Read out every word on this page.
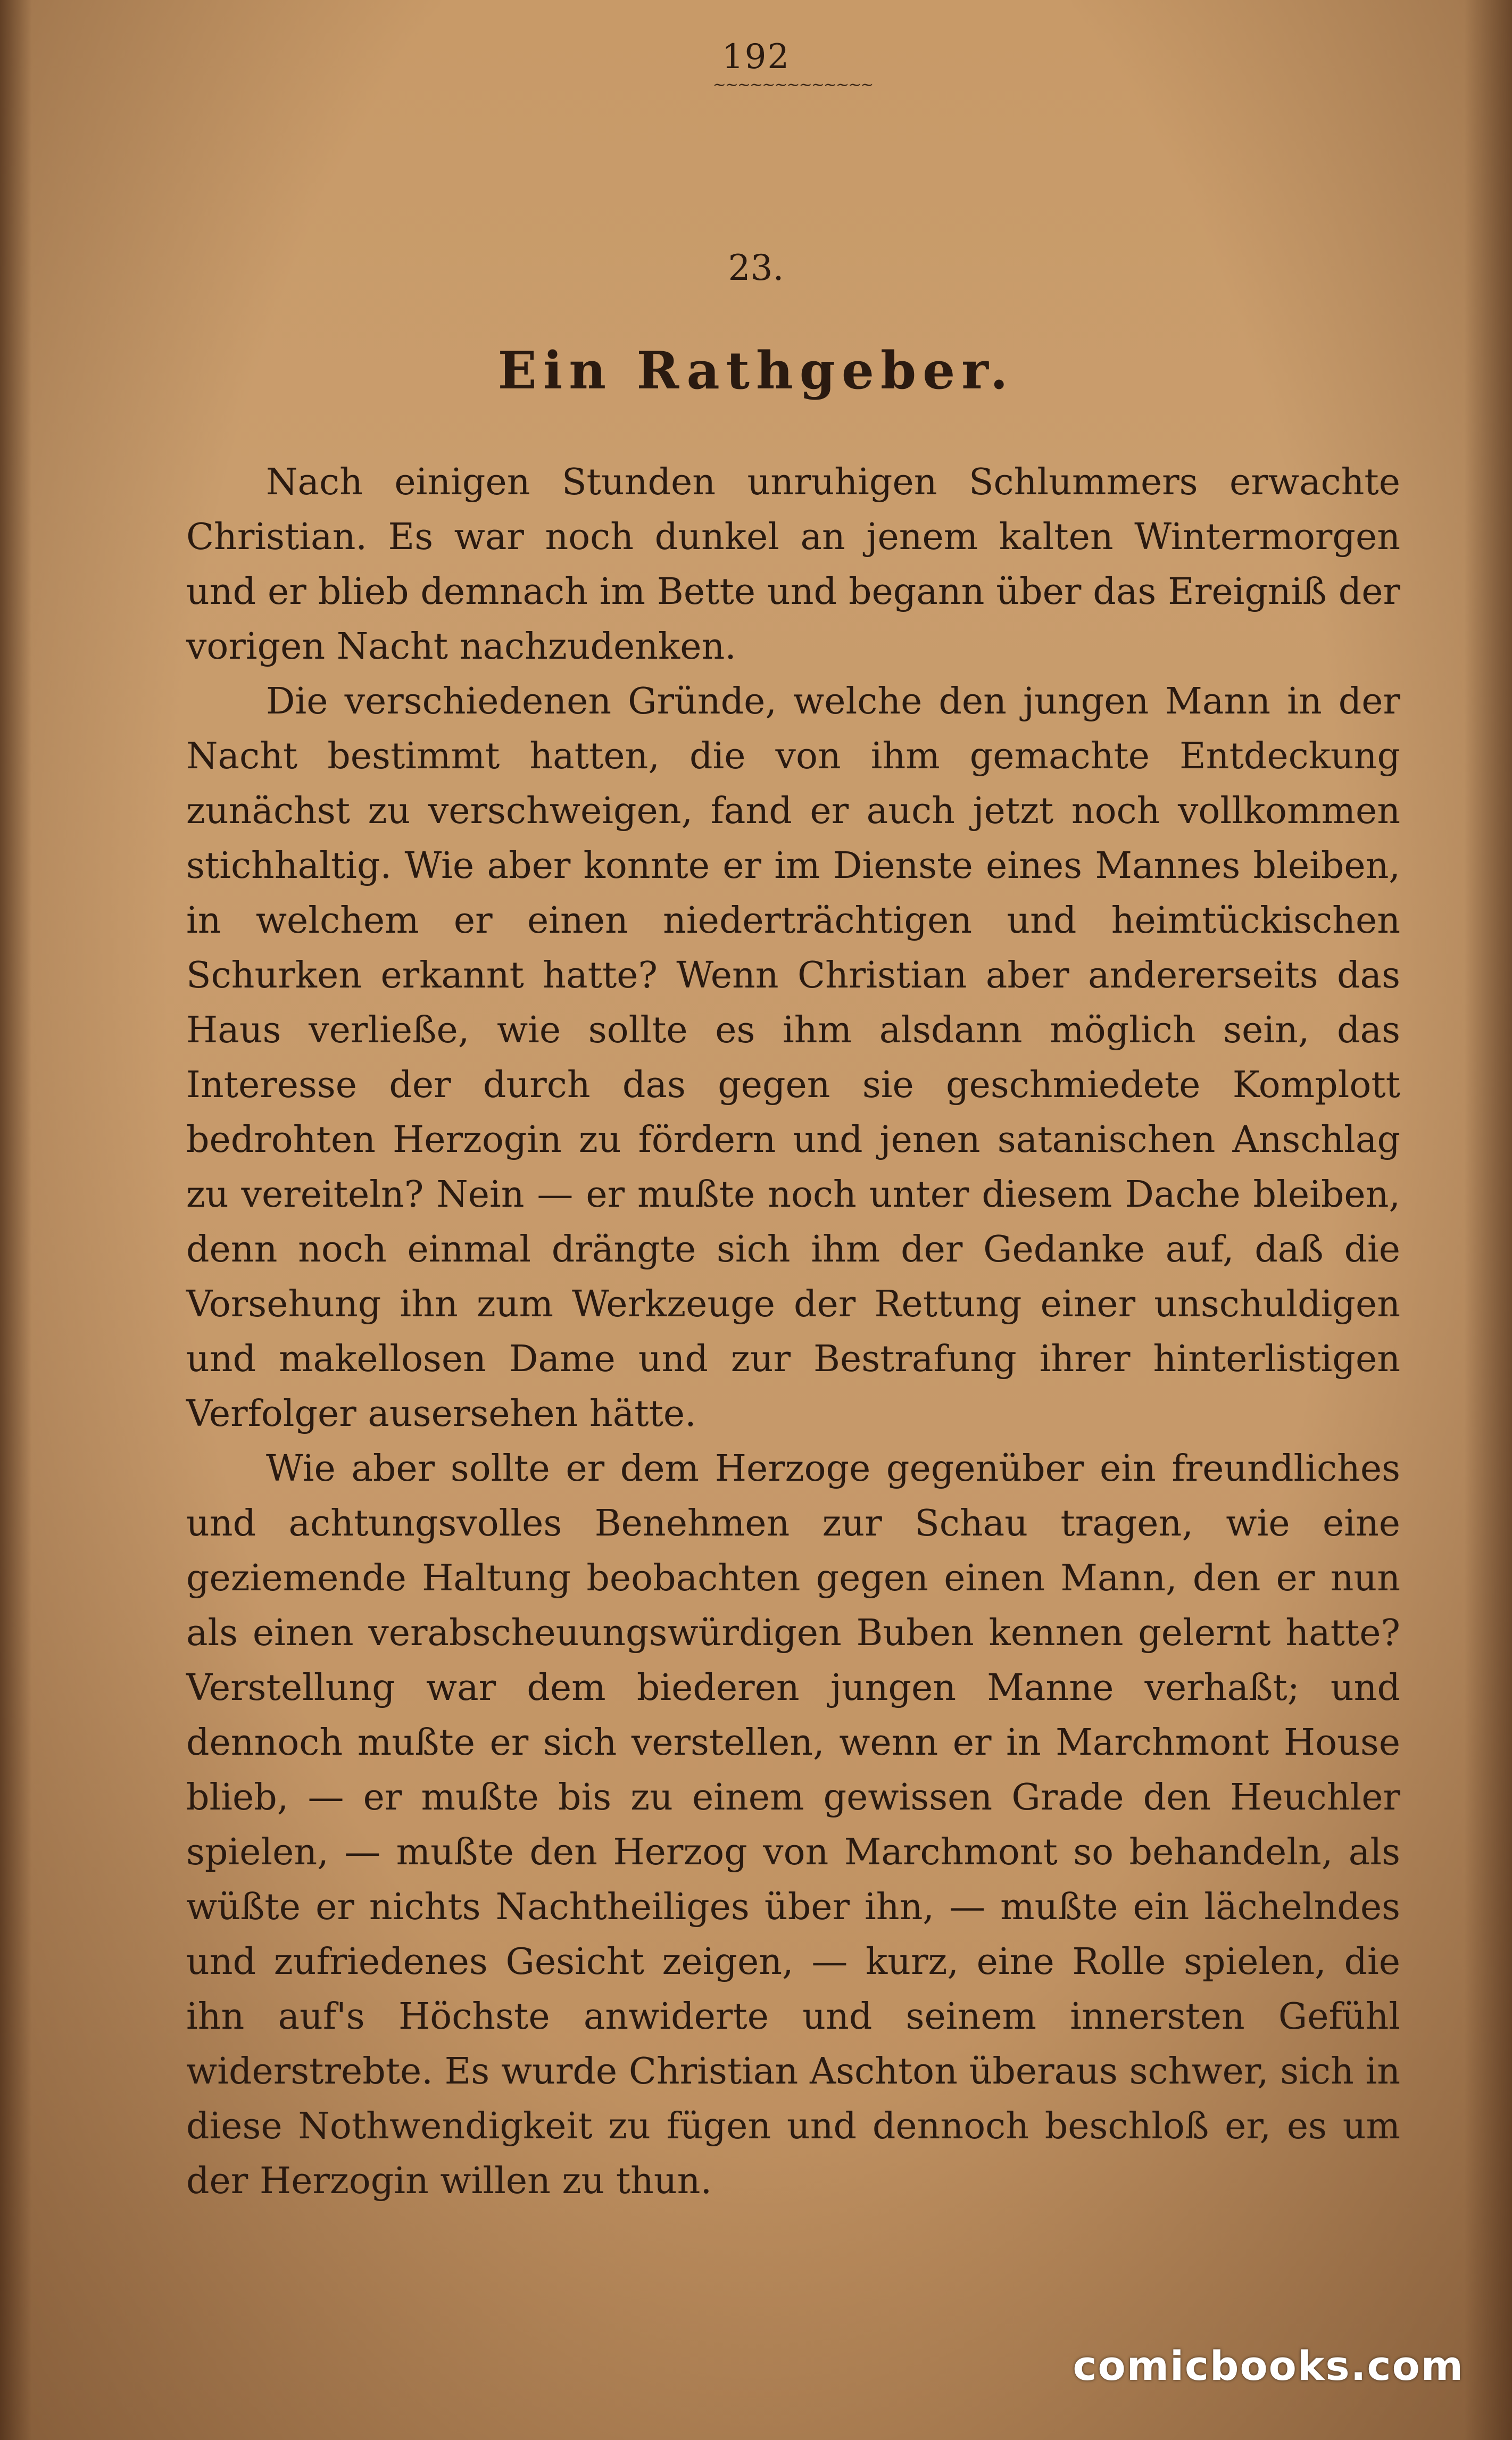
192
~~~~~~~~~~~~~
23.
Ein Rathgeber.

Nach einigen Stunden unruhigen Schlummers erwachte Christian. Es war noch dunkel an jenem kalten Wintermorgen und er blieb demnach im Bette und begann über das Ereigniß der vorigen Nacht nachzudenken.

Die verschiedenen Gründe, welche den jungen Mann in der Nacht bestimmt hatten, die von ihm gemachte Entdeckung zunächst zu verschweigen, fand er auch jetzt noch vollkommen stichhaltig. Wie aber konnte er im Dienste eines Mannes bleiben, in welchem er einen niederträchtigen und heimtückischen Schurken erkannt hatte? Wenn Christian aber andererseits das Haus verließe, wie sollte es ihm alsdann möglich sein, das Interesse der durch das gegen sie geschmiedete Komplott bedrohten Herzogin zu fördern und jenen satanischen Anschlag zu vereiteln? Nein — er mußte noch unter diesem Dache bleiben, denn noch einmal drängte sich ihm der Gedanke auf, daß die Vorsehung ihn zum Werkzeuge der Rettung einer unschuldigen und makellosen Dame und zur Bestrafung ihrer hinterlistigen Verfolger ausersehen hätte.

Wie aber sollte er dem Herzoge gegenüber ein freundliches und achtungsvolles Benehmen zur Schau tragen, wie eine geziemende Haltung beobachten gegen einen Mann, den er nun als einen verabscheuungswürdigen Buben kennen gelernt hatte? Verstellung war dem biederen jungen Manne verhaßt; und dennoch mußte er sich verstellen, wenn er in Marchmont House blieb, — er mußte bis zu einem gewissen Grade den Heuchler spielen, — mußte den Herzog von Marchmont so behandeln, als wüßte er nichts Nachtheiliges über ihn, — mußte ein lächelndes und zufriedenes Gesicht zeigen, — kurz, eine Rolle spielen, die ihn auf's Höchste anwiderte und seinem innersten Gefühl widerstrebte. Es wurde Christian Aschton überaus schwer, sich in diese Nothwendigkeit zu fügen und dennoch beschloß er, es um der Herzogin willen zu thun.

comicbooks.com
